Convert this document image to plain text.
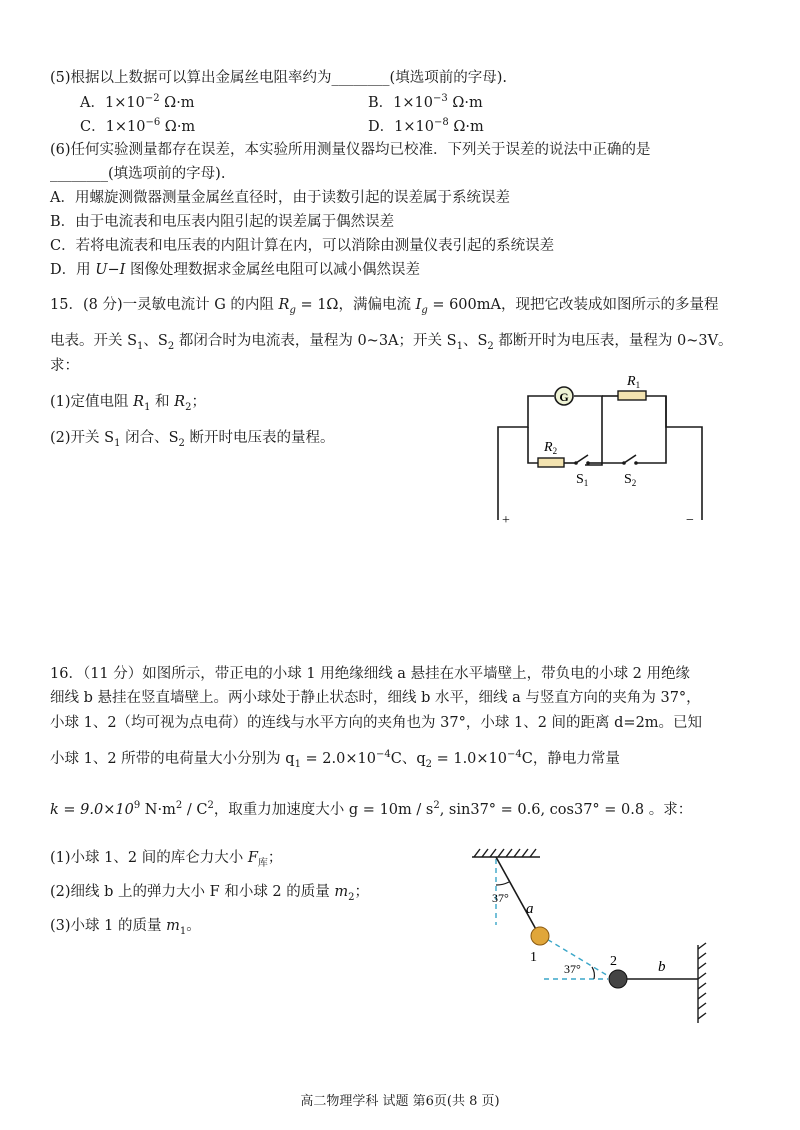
(5)根据以上数据可以算出金属丝电阻率约为________(填选项前的字母).
A．$1\times 10^{-2}$ Ω·m	B．$1\times 10^{-3}$ Ω·m
C．$1\times 10^{-6}$ Ω·m	D．$1\times 10^{-8}$ Ω·m
(6)任何实验测量都存在误差，本实验所用测量仪器均已校准．下列关于误差的说法中正确的是
________(填选项前的字母).
A．用螺旋测微器测量金属丝直径时，由于读数引起的误差属于系统误差
B．由于电流表和电压表内阻引起的误差属于偶然误差
C．若将电流表和电压表的内阻计算在内，可以消除由测量仪表引起的系统误差
D．用 U−I 图像处理数据求金属丝电阻可以减小偶然误差
15．(8 分)一灵敏电流计 G 的内阻 $R_g = 1\Omega$，满偏电流 $I_g = 600mA$，现把它改装成如图所示的多量程
电表。开关 $S_1$、$S_2$ 都闭合时为电流表，量程为 0~3A；开关 $S_1$、$S_2$ 都断开时为电压表，量程为 0~3V。
求：
(1)定值电阻 $R_1$ 和 $R_2$；
(2)开关 $S_1$ 闭合、$S_2$ 断开时电压表的量程。
G
$R_1$
$R_2$
$S_1$	$S_2$
+	−
16．（11 分）如图所示，带正电的小球 1 用绝缘细线 a 悬挂在水平墙壁上，带负电的小球 2 用绝缘
细线 b 悬挂在竖直墙壁上。两小球处于静止状态时，细线 b 水平，细线 a 与竖直方向的夹角为 37°，
小球 1、2（均可视为点电荷）的连线与水平方向的夹角也为 37°，小球 1、2 间的距离 d=2m。已知
小球 1、2 所带的电荷量大小分别为 $q_1 = 2.0\times 10^{-4}C$、$q_2 = 1.0\times 10^{-4}C$，静电力常量
$k = 9.0\times 10^9$ $N\cdot m^2 / C^2$，取重力加速度大小 $g = 10m / s^2$, sin37° = 0.6, cos37° = 0.8 。求：
(1)小球 1、2 间的库仑力大小 $F_库$；
(2)细线 b 上的弹力大小 F 和小球 2 的质量 $m_2$；
(3)小球 1 的质量 $m_1$。
37°
a
1
37° 2	b
高二物理学科 试题 第6页(共 8 页)
